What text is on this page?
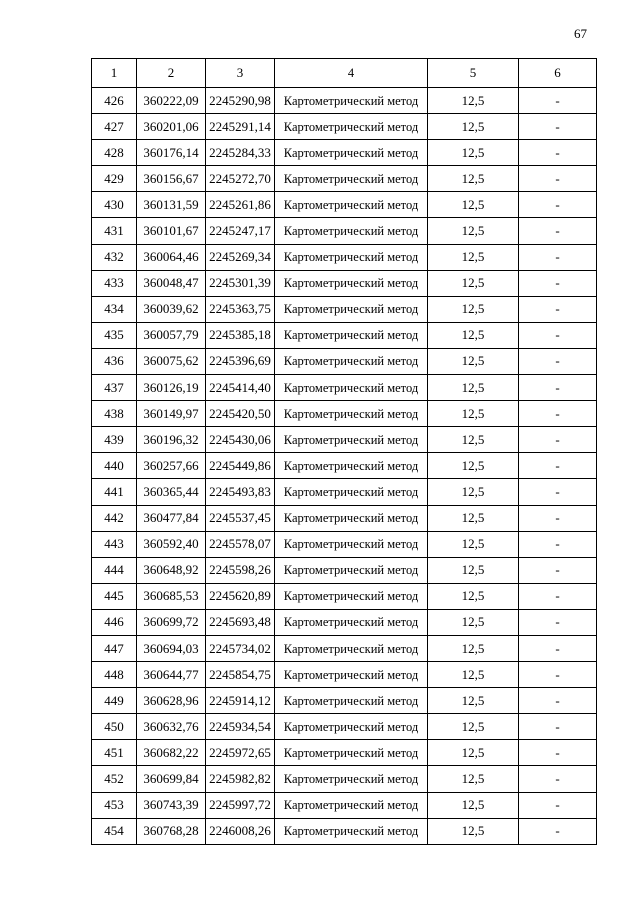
67
1	2	3	4	5	6
426	360222,09	2245290,98	Картометрический метод	12,5	-
427	360201,06	2245291,14	Картометрический метод	12,5	-
428	360176,14	2245284,33	Картометрический метод	12,5	-
429	360156,67	2245272,70	Картометрический метод	12,5	-
430	360131,59	2245261,86	Картометрический метод	12,5	-
431	360101,67	2245247,17	Картометрический метод	12,5	-
432	360064,46	2245269,34	Картометрический метод	12,5	-
433	360048,47	2245301,39	Картометрический метод	12,5	-
434	360039,62	2245363,75	Картометрический метод	12,5	-
435	360057,79	2245385,18	Картометрический метод	12,5	-
436	360075,62	2245396,69	Картометрический метод	12,5	-
437	360126,19	2245414,40	Картометрический метод	12,5	-
438	360149,97	2245420,50	Картометрический метод	12,5	-
439	360196,32	2245430,06	Картометрический метод	12,5	-
440	360257,66	2245449,86	Картометрический метод	12,5	-
441	360365,44	2245493,83	Картометрический метод	12,5	-
442	360477,84	2245537,45	Картометрический метод	12,5	-
443	360592,40	2245578,07	Картометрический метод	12,5	-
444	360648,92	2245598,26	Картометрический метод	12,5	-
445	360685,53	2245620,89	Картометрический метод	12,5	-
446	360699,72	2245693,48	Картометрический метод	12,5	-
447	360694,03	2245734,02	Картометрический метод	12,5	-
448	360644,77	2245854,75	Картометрический метод	12,5	-
449	360628,96	2245914,12	Картометрический метод	12,5	-
450	360632,76	2245934,54	Картометрический метод	12,5	-
451	360682,22	2245972,65	Картометрический метод	12,5	-
452	360699,84	2245982,82	Картометрический метод	12,5	-
453	360743,39	2245997,72	Картометрический метод	12,5	-
454	360768,28	2246008,26	Картометрический метод	12,5	-
